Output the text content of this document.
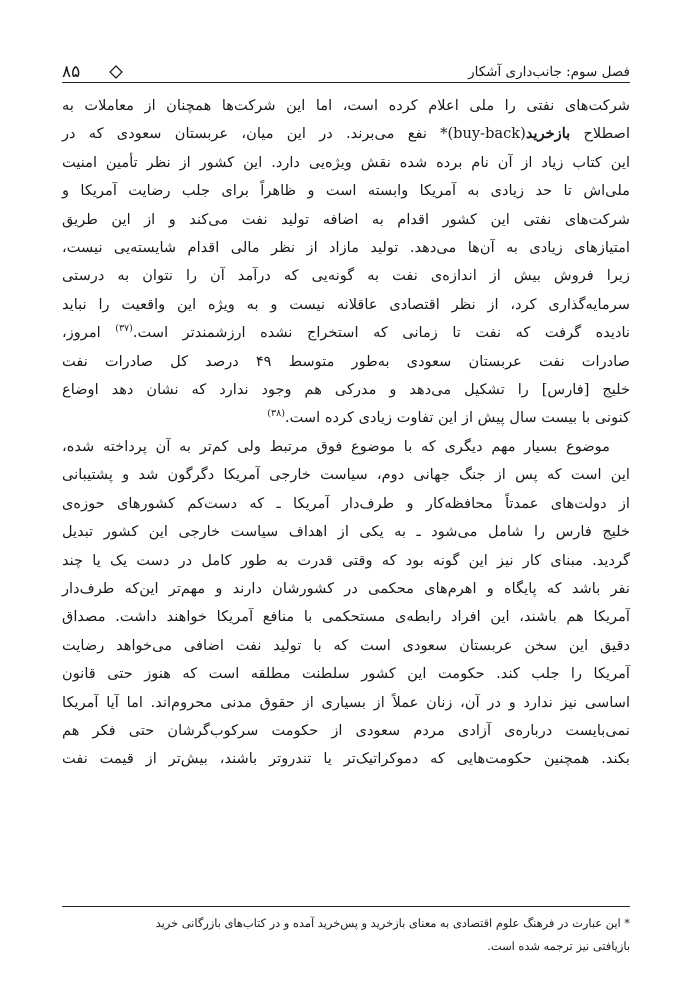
فصل سوم: جانب‌داری آشکار
۸۵

شرکت‌های نفتی را ملی اعلام کرده است، اما این شرکت‌ها همچنان از معاملات به

اصطلاح بازخرید(buy-back)* نفع می‌برند. در این میان، عربستان سعودی که در

این کتاب زیاد از آن نام برده شده نقش ویژه‌یی دارد. این کشور از نظر تأمین امنیت

ملی‌اش تا حد زیادی به آمریکا وابسته است و ظاهراً برای جلب رضایت آمریکا و

شرکت‌های نفتی این کشور اقدام به اضافه تولید نفت می‌کند و از این طریق

امتیازهای زیادی به آن‌ها می‌دهد. تولید مازاد از نظر مالی اقدام شایسته‌یی نیست،

زیرا فروش بیش از اندازه‌ی نفت به گونه‌یی که درآمد آن را نتوان به درستی

سرمایه‌گذاری کرد، از نظر اقتصادی عاقلانه نیست و به ویژه این واقعیت را نباید

نادیده گرفت که نفت تا زمانی که استخراج نشده ارزشمندتر است.$^{(۳۷)}$ امروز،

صادرات نفت عربستان سعودی به‌طور متوسط ۴۹ درصد کل صادرات نفت

خلیج [فارس] را تشکیل می‌دهد و مدرکی هم وجود ندارد که نشان دهد اوضاع

کنونی با بیست سال پیش از این تفاوت زیادی کرده است.$^{(۳۸)}$

موضوع بسیار مهم دیگری که با موضوع فوق مرتبط ولی کم‌تر به آن پرداخته شده،

این است که پس از جنگ جهانی دوم، سیاست خارجی آمریکا دگرگون شد و پشتیبانی

از دولت‌های عمدتاً محافظه‌کار و طرف‌دار آمریکا ـ که دست‌کم کشورهای حوزه‌ی

خلیج فارس را شامل می‌شود ـ به یکی از اهداف سیاست خارجی این کشور تبدیل

گردید. مبنای کار نیز این گونه بود که وقتی قدرت به طور کامل در دست یک یا چند

نفر باشد که پایگاه و اهرم‌های محکمی در کشورشان دارند و مهم‌تر این‌که طرف‌دار

آمریکا هم باشند، این افراد رابطه‌ی مستحکمی با منافع آمریکا خواهند داشت. مصداق

دقیق این سخن عربستان سعودی است که با تولید نفت اضافی می‌خواهد رضایت

آمریکا را جلب کند. حکومت این کشور سلطنت مطلقه است که هنوز حتی قانون

اساسی نیز ندارد و در آن، زنان عملاً از بسیاری از حقوق مدنی محروم‌اند. اما آیا آمریکا

نمی‌بایست درباره‌ی آزادی مردم سعودی از حکومت سرکوب‌گرشان حتی فکر هم

بکند. همچنین حکومت‌هایی که دموکراتیک‌تر یا تندروتر باشند، بیش‌تر از قیمت نفت

* این عبارت در فرهنگ علوم اقتصادی به معنای بازخرید و پس‌خرید آمده و در کتاب‌های بازرگانی خرید

بازیافتی نیز ترجمه شده است.
